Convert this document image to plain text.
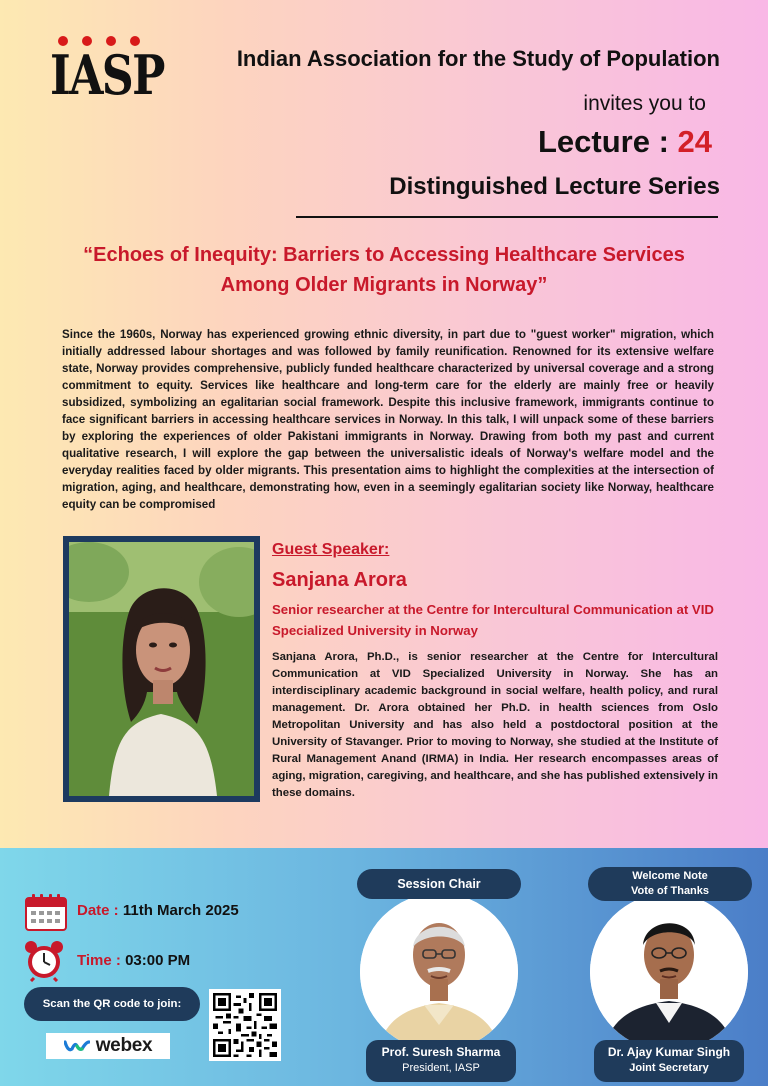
IASP	Indian Association for the Study of Population
invites you to
Lecture : 24
Distinguished Lecture Series
“Echoes of Inequity: Barriers to Accessing Healthcare Services
Among Older Migrants in Norway”

Since the 1960s, Norway has experienced growing ethnic diversity, in part due to "guest worker" migration, which initially addressed labour shortages and was followed by family reunification. Renowned for its extensive welfare state, Norway provides comprehensive, publicly funded healthcare characterized by universal coverage and a strong commitment to equity. Services like healthcare and long-term care for the elderly are mainly free or heavily subsidized, symbolizing an egalitarian social framework. Despite this inclusive framework, immigrants continue to face significant barriers in accessing healthcare services in Norway. In this talk, I will unpack some of these barriers by exploring the experiences of older Pakistani immigrants in Norway. Drawing from both my past and current qualitative research, I will explore the gap between the universalistic ideals of Norway's welfare model and the everyday realities faced by older migrants. This presentation aims to highlight the complexities at the intersection of migration, aging, and healthcare, demonstrating how, even in a seemingly egalitarian society like Norway, healthcare equity can be compromised

Guest Speaker:
Sanjana Arora
Senior researcher at the Centre for Intercultural Communication at VID Specialized University in Norway

Sanjana Arora, Ph.D., is senior researcher at the Centre for Intercultural Communication at VID Specialized University in Norway. She has an interdisciplinary academic background in social welfare, health policy, and rural management. Dr. Arora obtained her Ph.D. in health sciences from Oslo Metropolitan University and has also held a postdoctoral position at the University of Stavanger. Prior to moving to Norway, she studied at the Institute of Rural Management Anand (IRMA) in India. Her research encompasses areas of aging, migration, caregiving, and healthcare, and she has published extensively in these domains.

Date : 11th March 2025
Time : 03:00 PM
Scan the QR code to join:
webex
Session Chair
Prof. Suresh Sharma
President, IASP
Welcome Note
Vote of Thanks
Dr. Ajay Kumar Singh
Joint Secretary
